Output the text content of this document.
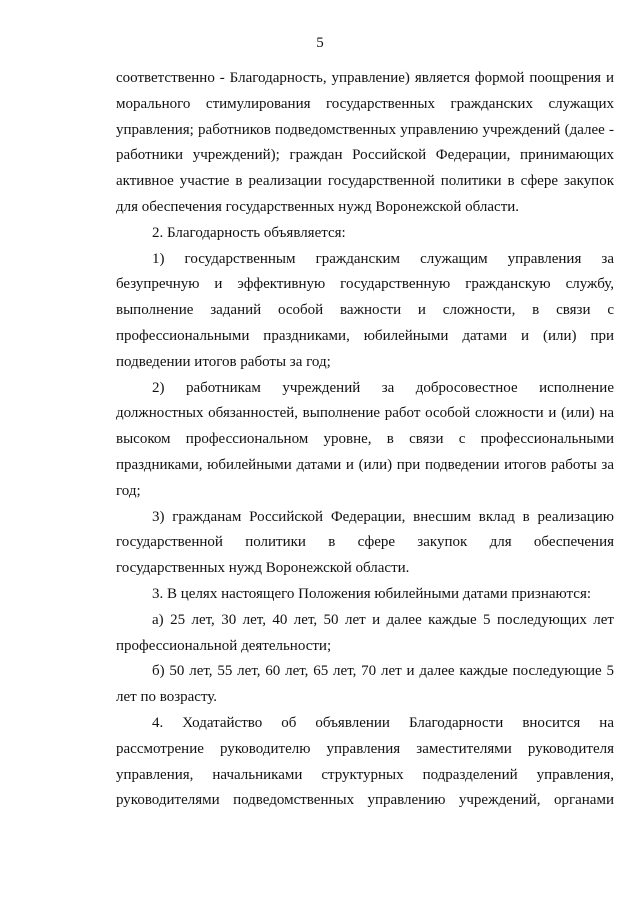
5
соответственно - Благодарность, управление) является формой поощрения и
морального стимулирования государственных гражданских служащих
управления; работников подведомственных управлению учреждений (далее -
работники учреждений); граждан Российской Федерации, принимающих
активное участие в реализации государственной политики в сфере закупок
для обеспечения государственных нужд Воронежской области.
2. Благодарность объявляется:
1) государственным гражданским служащим управления за
безупречную и эффективную государственную гражданскую службу,
выполнение заданий особой важности и сложности, в связи с
профессиональными праздниками, юбилейными датами и (или) при
подведении итогов работы за год;
2) работникам учреждений за добросовестное исполнение
должностных обязанностей, выполнение работ особой сложности и (или) на
высоком профессиональном уровне, в связи с профессиональными
праздниками, юбилейными датами и (или) при подведении итогов работы за
год;
3) гражданам Российской Федерации, внесшим вклад в реализацию
государственной политики в сфере закупок для обеспечения
государственных нужд Воронежской области.
3. В целях настоящего Положения юбилейными датами признаются:
а) 25 лет, 30 лет, 40 лет, 50 лет и далее каждые 5 последующих лет
профессиональной деятельности;
б) 50 лет, 55 лет, 60 лет, 65 лет, 70 лет и далее каждые последующие 5
лет по возрасту.
4. Ходатайство об объявлении Благодарности вносится на
рассмотрение руководителю управления заместителями руководителя
управления, начальниками структурных подразделений управления,
руководителями подведомственных управлению учреждений, органами
